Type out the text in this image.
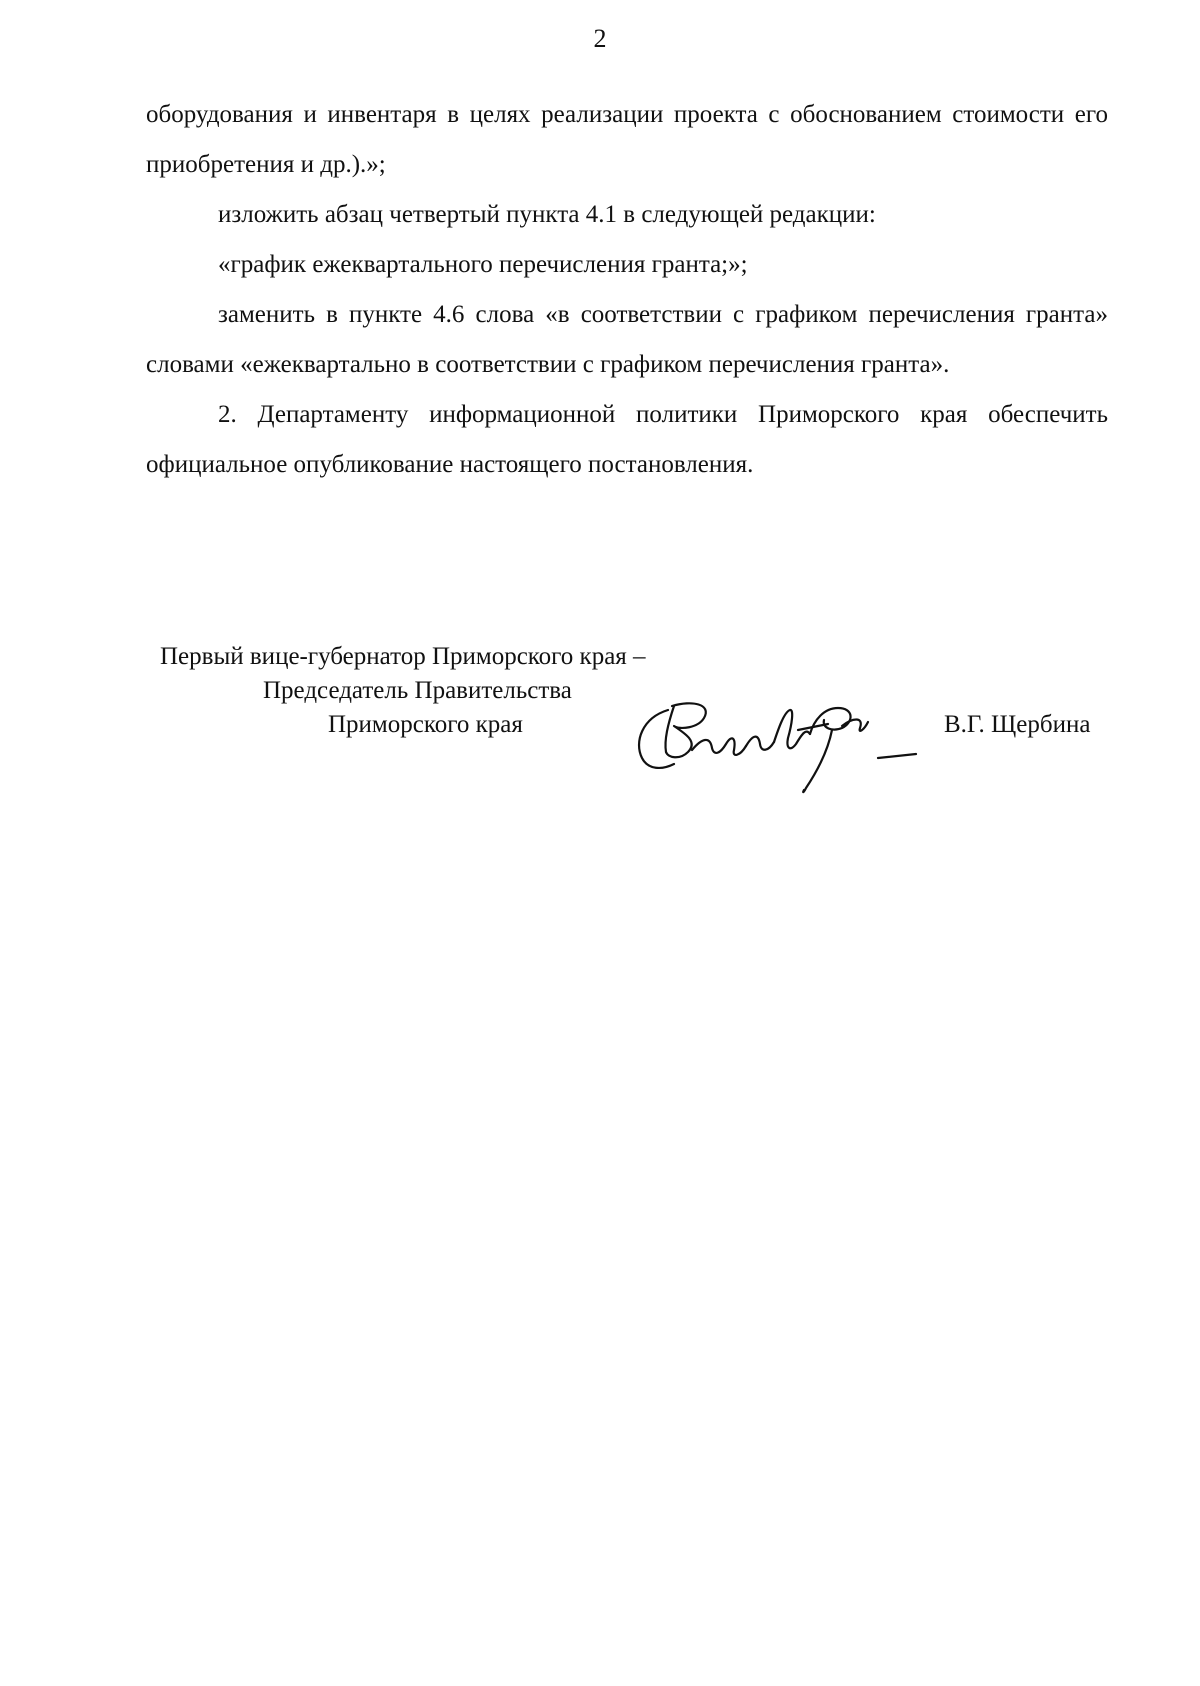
2

оборудования и инвентаря в целях реализации проекта с обоснованием стоимости его приобретения и др.).»;

изложить абзац четвертый пункта 4.1 в следующей редакции:

«график ежеквартального перечисления гранта;»;

заменить в пункте 4.6 слова «в соответствии с графиком перечисления гранта» словами «ежеквартально в соответствии с графиком перечисления гранта».

2. Департаменту информационной политики Приморского края обеспечить официальное опубликование настоящего постановления.

Первый вице-губернатор Приморского края –
Председатель Правительства
Приморского края	В.Г. Щербина
